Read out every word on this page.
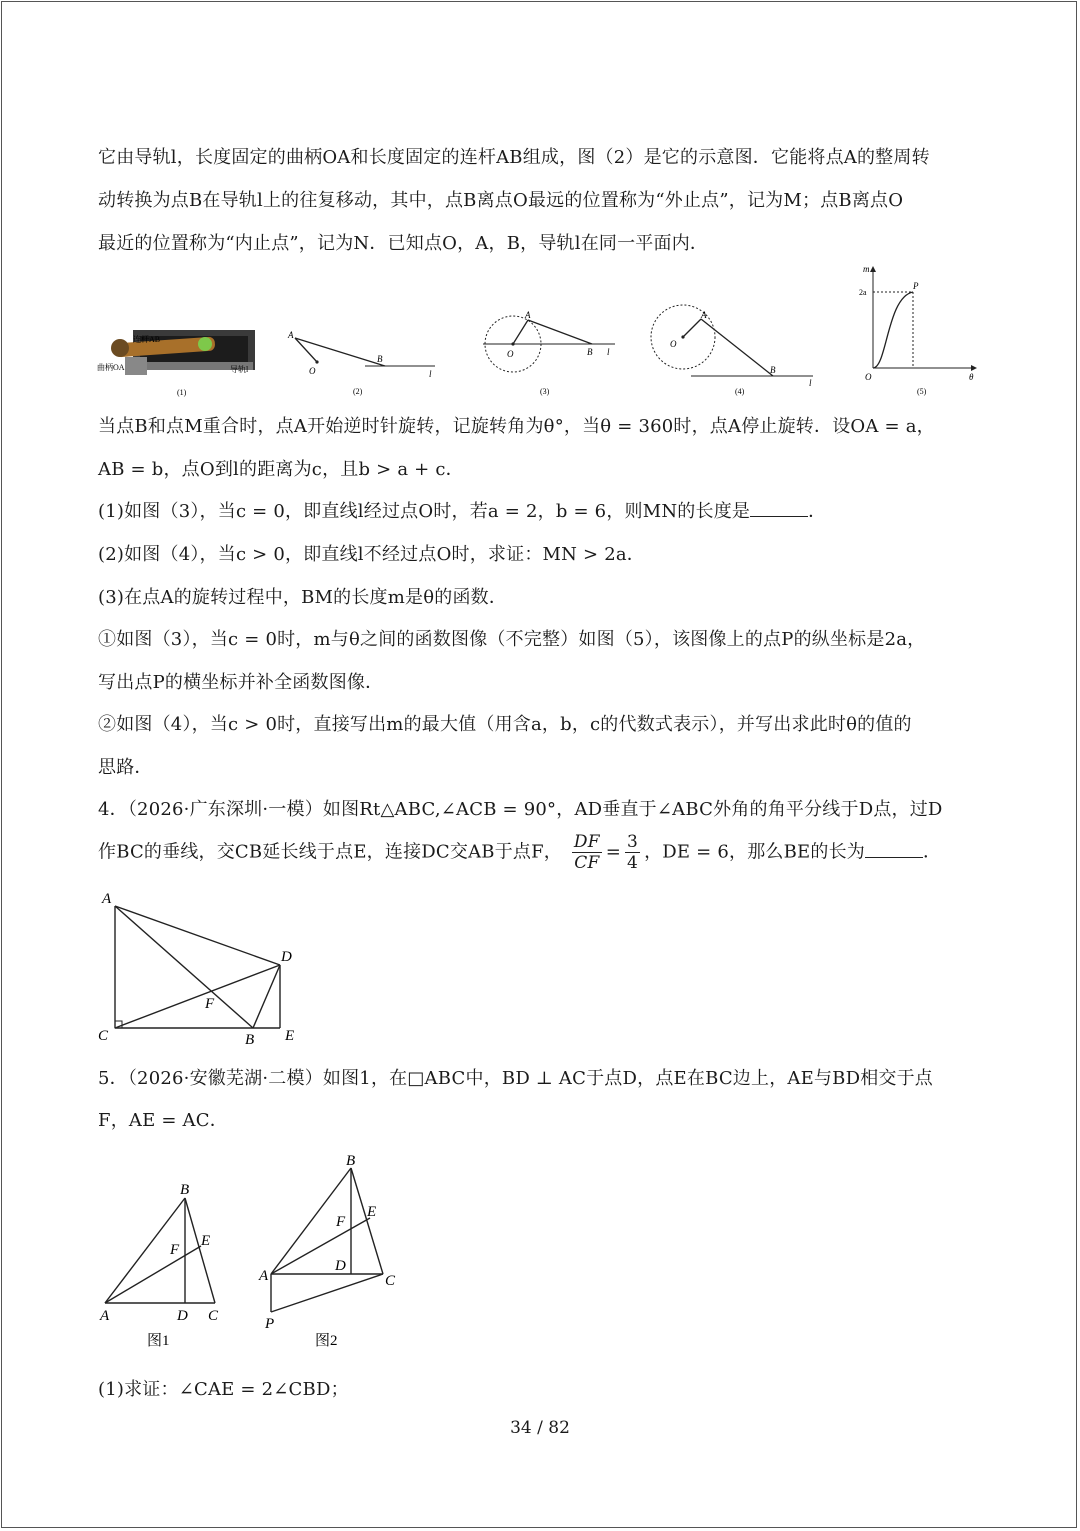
它由导轨l，长度固定的曲柄OA和长度固定的连杆AB组成，图（2）是它的示意图．它能将点A的整周转
动转换为点B在导轨l上的往复移动，其中，点B离点O最远的位置称为“外止点”，记为M；点B离点O
最近的位置称为“内止点”，记为N．已知点O，A，B，导轨l在同一平面内．
连杆AB
曲柄OA	导轨l
(1)
A
O
B
l
(2)
A
O	B l
(3)
A
O
B
l
(4)
m
2a
P
O	θ
(5)
当点B和点M重合时，点A开始逆时针旋转，记旋转角为θ°，当θ = 360时，点A停止旋转．设OA = a，
AB = b，点O到l的距离为c，且b > a + c．
(1)如图（3），当c = 0，即直线l经过点O时，若a = 2，b = 6，则MN的长度是	．
(2)如图（4），当c > 0，即直线l不经过点O时，求证：MN > 2a．
(3)在点A的旋转过程中，BM的长度m是θ的函数．
①如图（3），当c = 0时，m与θ之间的函数图像（不完整）如图（5），该图像上的点P的纵坐标是2a，
写出点P的横坐标并补全函数图像．
②如图（4），当c > 0时，直接写出m的最大值（用含a，b，c的代数式表示），并写出求此时θ的值的
思路．
4．（2026·广东深圳·一模）如图Rt△ABC,∠ACB = 90°，AD垂直于∠ABC外角的角平分线于D点，过D
作BC的垂线，交CB延长线于点E，连接DC交AB于点F， $\frac{DF}{CF} = \frac{3}{4}$ ，DE = 6，那么BE的长为	．
A
D
F
C	B E
5．（2026·安徽芜湖·二模）如图1，在□ABC中，BD ⊥ AC于点D，点E在BC边上，AE与BD相交于点
F，AE = AC．
B
E
F
A	D C
图1
B
E
F
D
A	C
P
图2
(1)求证：∠CAE = 2∠CBD；
34 / 82
